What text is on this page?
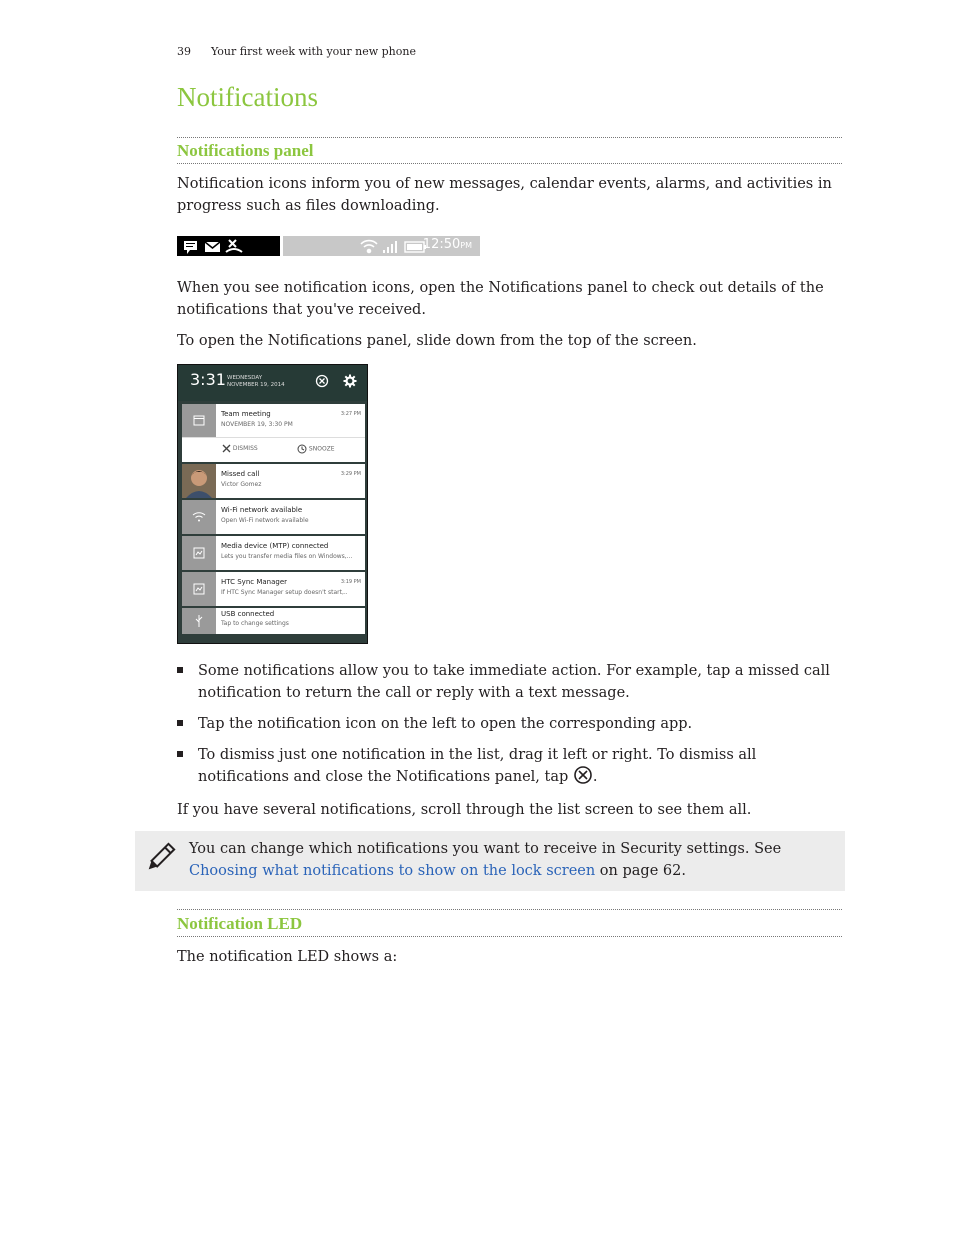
39 Your first week with your new phone
Notifications
Notifications panel
Notification icons inform you of new messages, calendar events, alarms, and activities in progress such as files downloading.
12:50PM
When you see notification icons, open the Notifications panel to check out details of the notifications that you've received.
To open the Notifications panel, slide down from the top of the screen.
3:31 WEDNESDAY
NOVEMBER 19, 2014
Team meeting
NOVEMBER 19, 3:30 PM
3:27 PM
DISMISS	SNOOZE
Missed call
Victor Gomez
3:29 PM
Wi-Fi network available
Open Wi-Fi network available
Media device (MTP) connected
Lets you transfer media files on Windows,...
HTC Sync Manager
If HTC Sync Manager setup doesn't start,..
3:19 PM
USB connected
Tap to change settings
Some notifications allow you to take immediate action. For example, tap a missed call notification to return the call or reply with a text message.
Tap the notification icon on the left to open the corresponding app.
To dismiss just one notification in the list, drag it left or right. To dismiss all notifications and close the Notifications panel, tap .
If you have several notifications, scroll through the list screen to see them all.
You can change which notifications you want to receive in Security settings. See Choosing what notifications to show on the lock screen on page 62.
Notification LED
The notification LED shows a:
